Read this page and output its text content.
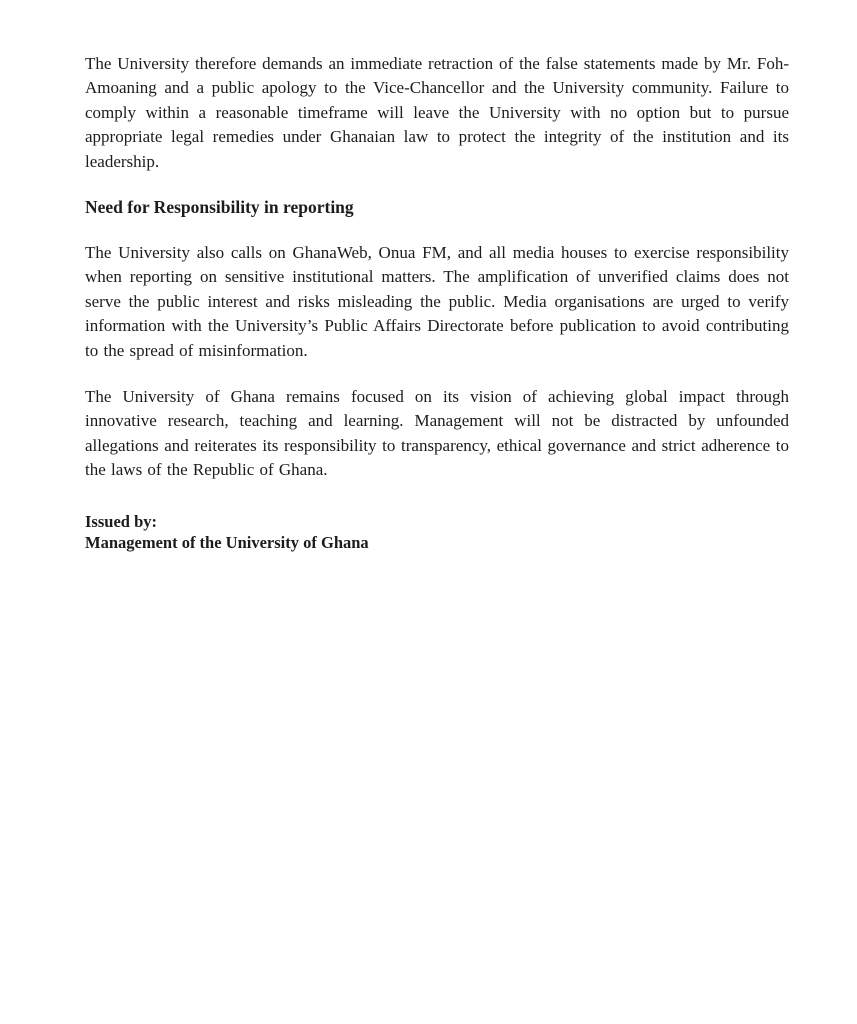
The University therefore demands an immediate retraction of the false statements made by Mr. Foh-Amoaning and a public apology to the Vice-Chancellor and the University community. Failure to comply within a reasonable timeframe will leave the University with no option but to pursue appropriate legal remedies under Ghanaian law to protect the integrity of the institution and its leadership.

Need for Responsibility in reporting

The University also calls on GhanaWeb, Onua FM, and all media houses to exercise responsibility when reporting on sensitive institutional matters. The amplification of unverified claims does not serve the public interest and risks misleading the public. Media organisations are urged to verify information with the University’s Public Affairs Directorate before publication to avoid contributing to the spread of misinformation.

The University of Ghana remains focused on its vision of achieving global impact through innovative research, teaching and learning. Management will not be distracted by unfounded allegations and reiterates its responsibility to transparency, ethical governance and strict adherence to the laws of the Republic of Ghana.

Issued by:

Management of the University of Ghana
